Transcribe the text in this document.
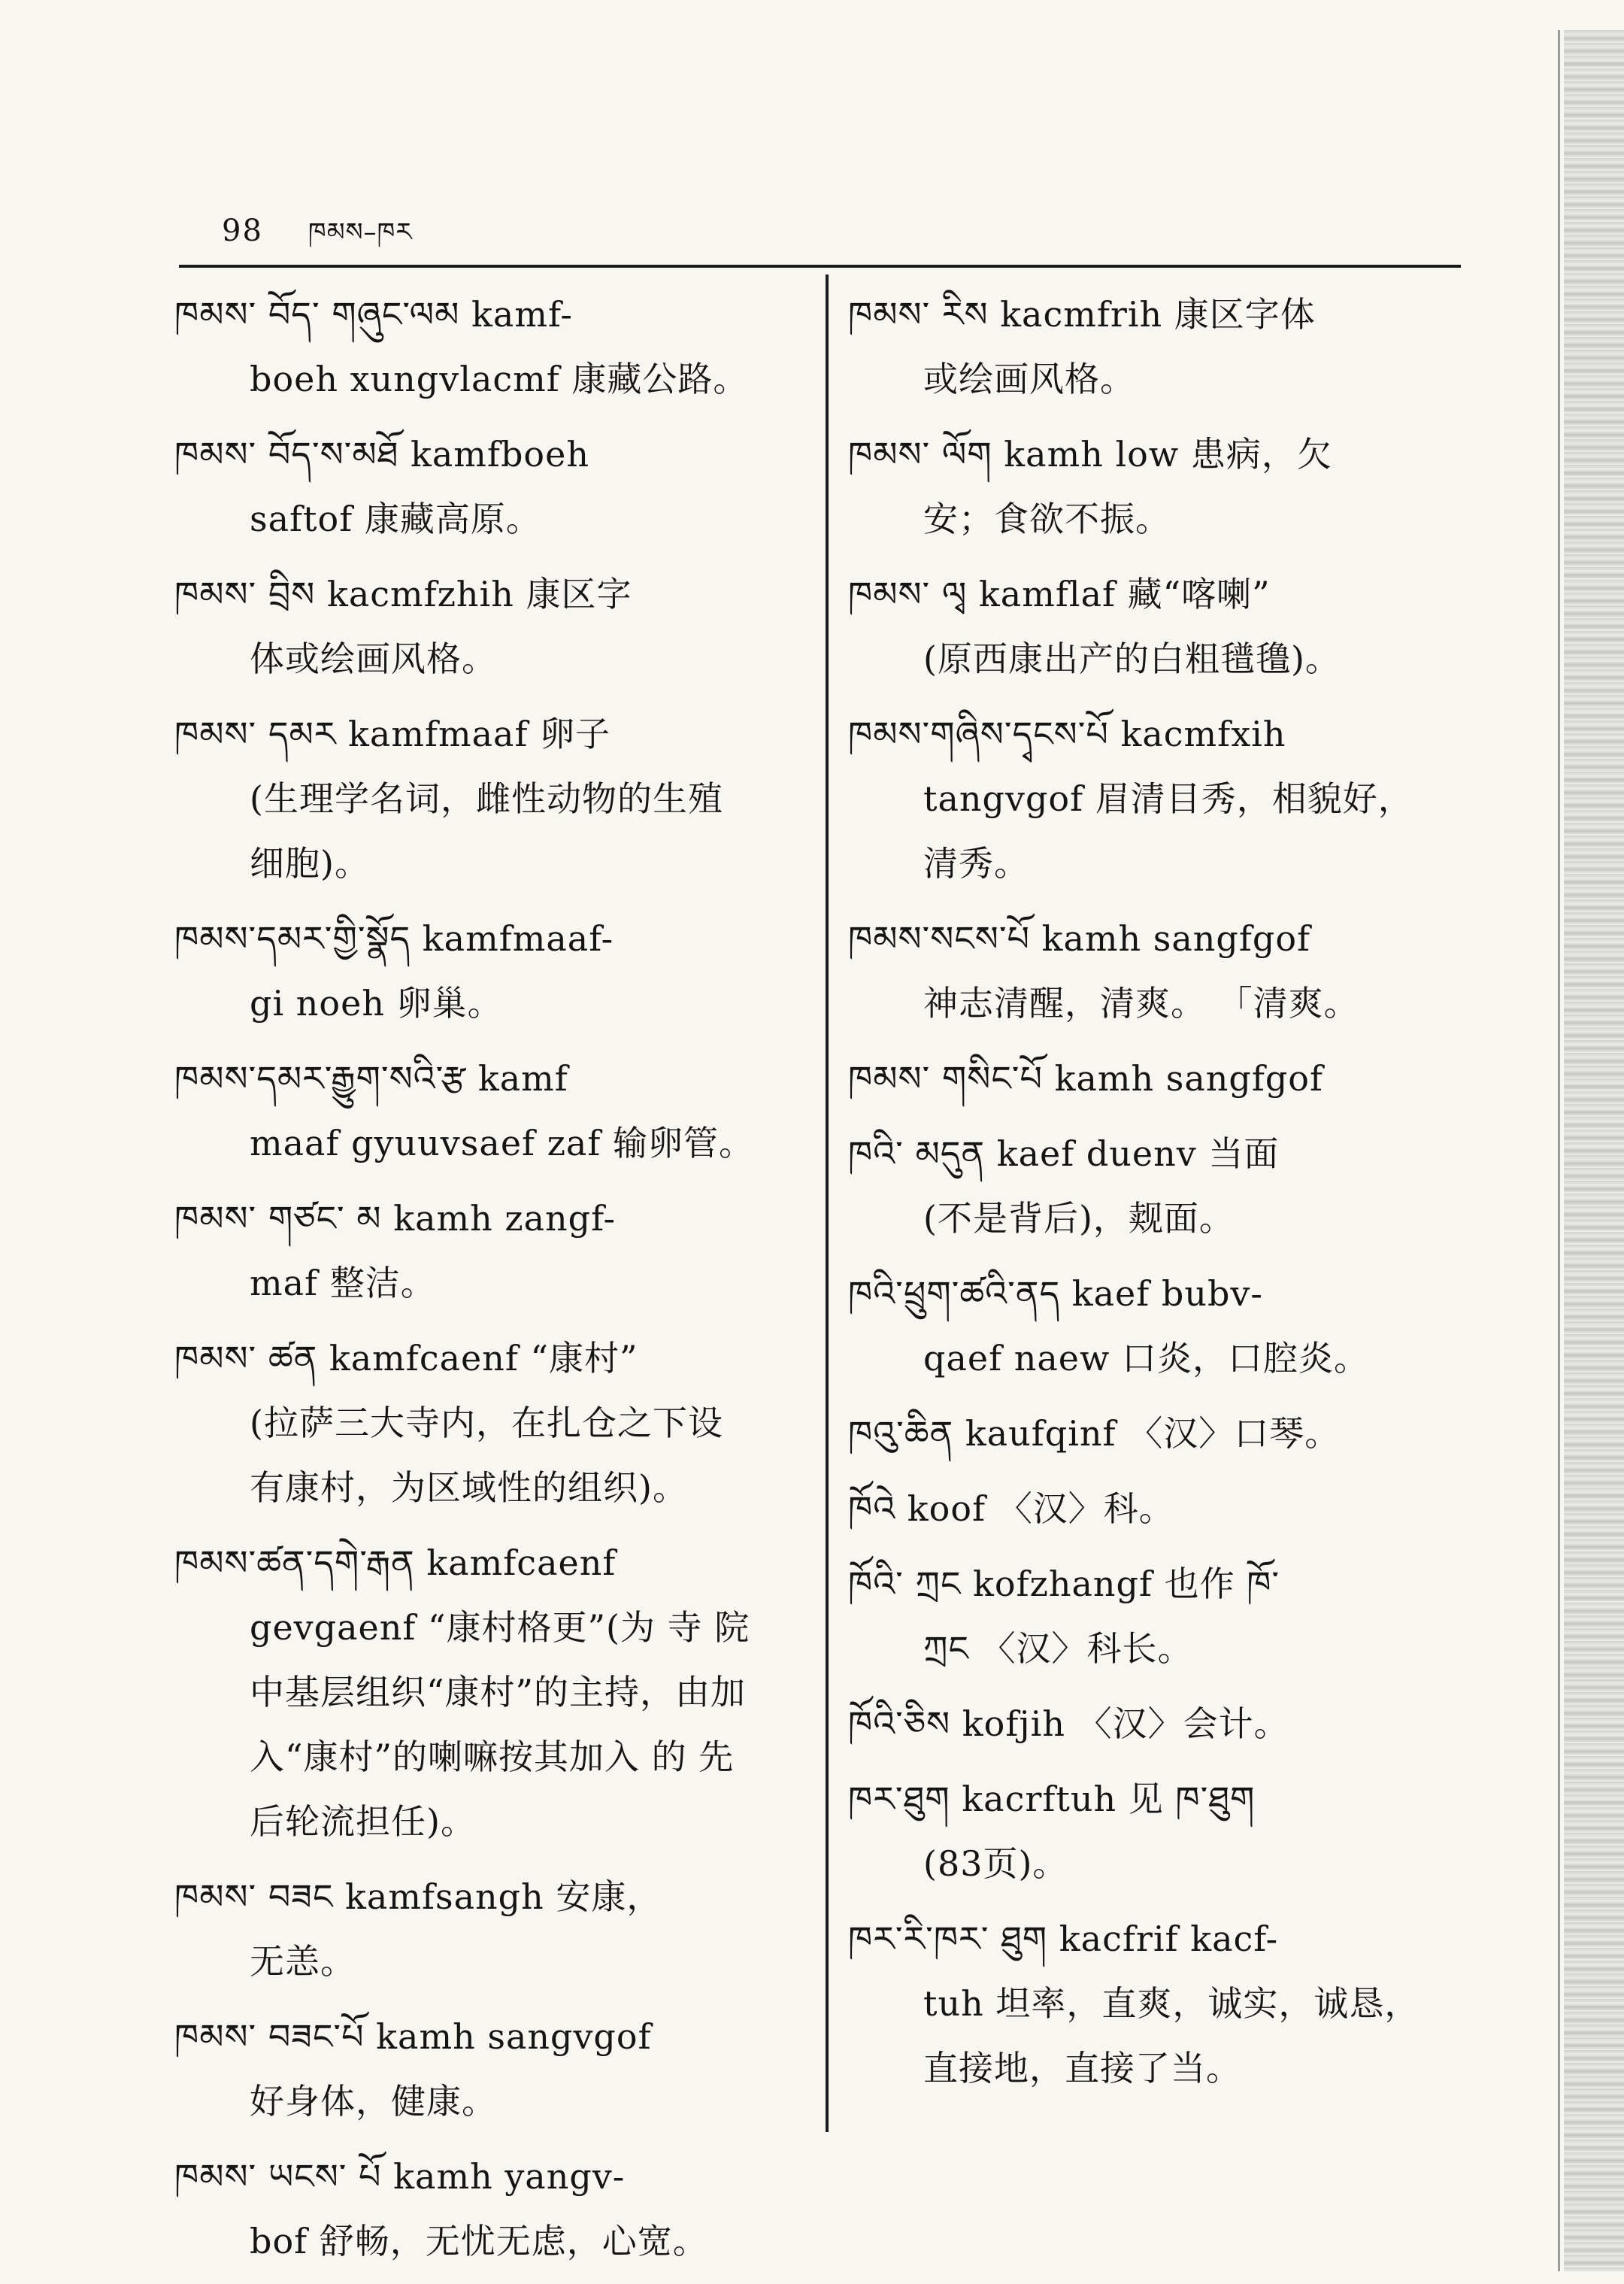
98 ཁམས–ཁར
ཁམས་ བོད་ གཞུང་ལམ kamf-
boeh xungvlacmf 康藏公路。
ཁམས་ བོད་ས་མཐོ kamfboeh
saftof 康藏高原。
ཁམས་ བྲིས kacmfzhih 康区字
体或绘画风格。
ཁམས་ དམར kamfmaaf 卵子
(生理学名词，雌性动物的生殖
细胞)。
ཁམས་དམར་གྱི་སྣོད kamfmaaf-
gi noeh 卵巢。
ཁམས་དམར་རྒྱུག་སའི་རྩ kamf
maaf gyuuvsaef zaf 输卵管。
ཁམས་ གཙང་ མ kamh zangf-
maf 整洁。
ཁམས་ ཚན kamfcaenf “康村”
(拉萨三大寺内，在扎仓之下设
有康村，为区域性的组织)。
ཁམས་ཚན་དགེ་རྒན kamfcaenf
gevgaenf “康村格更”(为 寺 院
中基层组织“康村”的主持，由加
入“康村”的喇嘛按其加入 的 先
后轮流担任)。
ཁམས་ བཟང kamfsangh 安康，
无恙。
ཁམས་ བཟང་པོ kamh sangvgof
好身体，健康。
ཁམས་ ཡངས་ པོ kamh yangv-
bof 舒畅，无忧无虑，心宽。
ཁམས་ རིས kacmfrih 康区字体
或绘画风格。
ཁམས་ ལོག kamh low 患病，欠
安；食欲不振。
ཁམས་ ལྭ kamflaf 藏“喀喇”
(原西康出产的白粗氆氇)。
ཁམས་གཞིས་དྭངས་པོ kacmfxih
tangvgof 眉清目秀，相貌好，
清秀。
ཁམས་སངས་པོ kamh sangfgof
神志清醒，清爽。 「清爽。
ཁམས་ གསིང་པོ kamh sangfgof
ཁའི་ མདུན kaef duenv 当面
(不是背后)，觌面。
ཁའི་ཕྲུག་ཚའི་ནད kaef bubv-
qaef naew 口炎，口腔炎。
ཁའུ་ཆིན kaufqinf 〈汉〉口琴。
ཁོའེ koof 〈汉〉科。
ཁོའི་ ཀྲང kofzhangf 也作 ཁོ་
ཀྲང 〈汉〉科长。
ཁོའི་ཅིས kofjih 〈汉〉会计。
ཁར་ཐུག kacrftuh 见 ཁ་ཐུག
(83页)。
ཁར་རི་ཁར་ ཐུག kacfrif kacf-
tuh 坦率，直爽，诚实，诚恳，
直接地，直接了当。
